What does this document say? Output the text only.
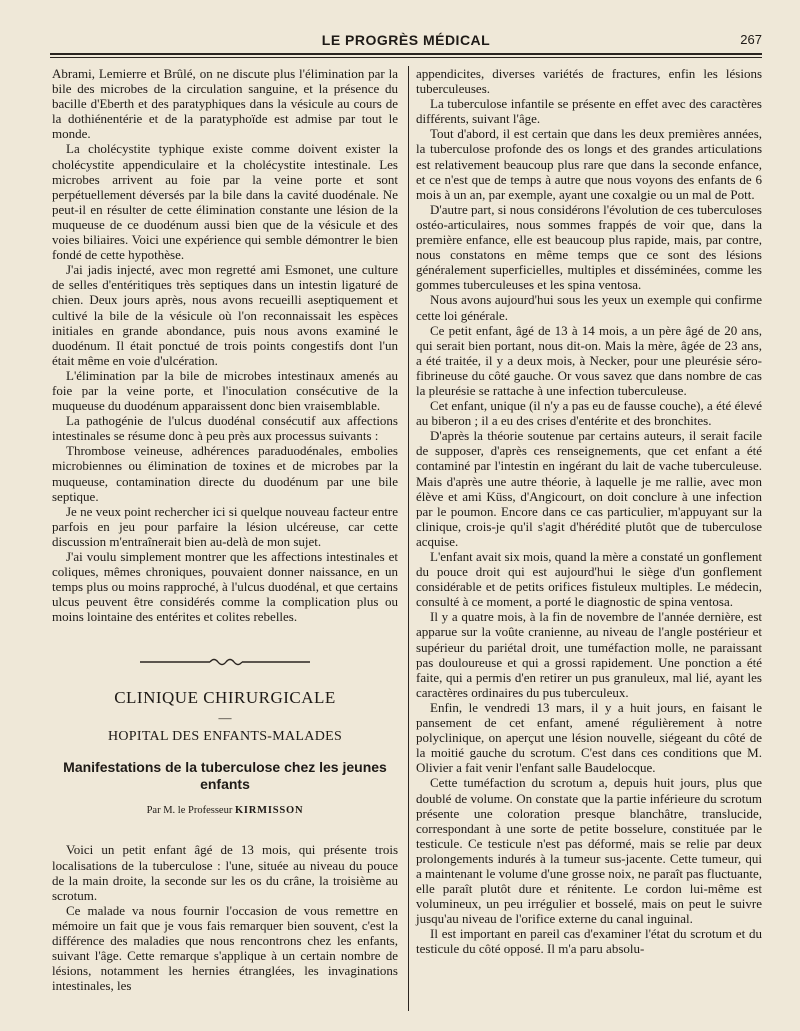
LE PROGRÈS MÉDICAL	267

Abrami, Lemierre et Brûlé, on ne discute plus l'élimination par la bile des microbes de la circulation sanguine, et la présence du bacille d'Eberth et des paratyphiques dans la vésicule au cours de la dothiénentérie et de la paratyphoïde est admise par tout le monde.

La cholécystite typhique existe comme doivent exister la cholécystite appendiculaire et la cholécystite intestinale. Les microbes arrivent au foie par la veine porte et sont perpétuellement déversés par la bile dans la cavité duodénale. Ne peut-il en résulter de cette élimination constante une lésion de la muqueuse de ce duodénum aussi bien que de la vésicule et des voies biliaires. Voici une expérience qui semble démontrer le bien fondé de cette hypothèse.

J'ai jadis injecté, avec mon regretté ami Esmonet, une culture de selles d'entéritiques très septiques dans un intestin ligaturé de chien. Deux jours après, nous avons recueilli aseptiquement et cultivé la bile de la vésicule où l'on reconnaissait les espèces initiales en grande abondance, puis nous avons examiné le duodénum. Il était ponctué de trois points congestifs dont l'un était même en voie d'ulcération.

L'élimination par la bile de microbes intestinaux amenés au foie par la veine porte, et l'inoculation consécutive de la muqueuse du duodénum apparaissent donc bien vraisemblable.

La pathogénie de l'ulcus duodénal consécutif aux affections intestinales se résume donc à peu près aux processus suivants :

Thrombose veineuse, adhérences paraduodénales, embolies microbiennes ou élimination de toxines et de microbes par la muqueuse, contamination directe du duodénum par une bile septique.

Je ne veux point rechercher ici si quelque nouveau facteur entre parfois en jeu pour parfaire la lésion ulcéreuse, car cette discussion m'entraînerait bien au-delà de mon sujet.

J'ai voulu simplement montrer que les affections intestinales et coliques, mêmes chroniques, pouvaient donner naissance, en un temps plus ou moins rapproché, à l'ulcus duodénal, et que certains ulcus peuvent être considérés comme la complication plus ou moins lointaine des entérites et colites rebelles.

CLINIQUE CHIRURGICALE
—
HOPITAL DES ENFANTS-MALADES
Manifestations de la tuberculose chez les jeunes enfants
Par M. le Professeur KIRMISSON

Voici un petit enfant âgé de 13 mois, qui présente trois localisations de la tuberculose : l'une, située au niveau du pouce de la main droite, la seconde sur les os du crâne, la troisième au scrotum.

Ce malade va nous fournir l'occasion de vous remettre en mémoire un fait que je vous fais remarquer bien souvent, c'est la différence des maladies que nous rencontrons chez les enfants, suivant l'âge. Cette remarque s'applique à un certain nombre de lésions, notamment les hernies étranglées, les invaginations intestinales, les

appendicites, diverses variétés de fractures, enfin les lésions tuberculeuses.

La tuberculose infantile se présente en effet avec des caractères différents, suivant l'âge.

Tout d'abord, il est certain que dans les deux premières années, la tuberculose profonde des os longs et des grandes articulations est relativement beaucoup plus rare que dans la seconde enfance, et ce n'est que de temps à autre que nous voyons des enfants de 6 mois à un an, par exemple, ayant une coxalgie ou un mal de Pott.

D'autre part, si nous considérons l'évolution de ces tuberculoses ostéo-articulaires, nous sommes frappés de voir que, dans la première enfance, elle est beaucoup plus rapide, mais, par contre, nous constatons en même temps que ce sont des lésions généralement superficielles, multiples et disséminées, comme les gommes tuberculeuses et les spina ventosa.

Nous avons aujourd'hui sous les yeux un exemple qui confirme cette loi générale.

Ce petit enfant, âgé de 13 à 14 mois, a un père âgé de 20 ans, qui serait bien portant, nous dit-on. Mais la mère, âgée de 23 ans, a été traitée, il y a deux mois, à Necker, pour une pleurésie séro-fibrineuse du côté gauche. Or vous savez que dans nombre de cas la pleurésie se rattache à une infection tuberculeuse.

Cet enfant, unique (il n'y a pas eu de fausse couche), a été élevé au biberon ; il a eu des crises d'entérite et des bronchites.

D'après la théorie soutenue par certains auteurs, il serait facile de supposer, d'après ces renseignements, que cet enfant a été contaminé par l'intestin en ingérant du lait de vache tuberculeuse. Mais d'après une autre théorie, à laquelle je me rallie, avec mon élève et ami Küss, d'Angicourt, on doit conclure à une infection par le poumon. Encore dans ce cas particulier, m'appuyant sur la clinique, crois-je qu'il s'agit d'hérédité plutôt que de tuberculose acquise.

L'enfant avait six mois, quand la mère a constaté un gonflement du pouce droit qui est aujourd'hui le siège d'un gonflement considérable et de petits orifices fistuleux multiples. Le médecin, consulté à ce moment, a porté le diagnostic de spina ventosa.

Il y a quatre mois, à la fin de novembre de l'année dernière, est apparue sur la voûte cranienne, au niveau de l'angle postérieur et supérieur du pariétal droit, une tuméfaction molle, ne paraissant pas douloureuse et qui a grossi rapidement. Une ponction a été faite, qui a permis d'en retirer un pus granuleux, mal lié, ayant les caractères ordinaires du pus tuberculeux.

Enfin, le vendredi 13 mars, il y a huit jours, en faisant le pansement de cet enfant, amené régulièrement à notre polyclinique, on aperçut une lésion nouvelle, siégeant du côté de la moitié gauche du scrotum. C'est dans ces conditions que M. Olivier a fait venir l'enfant salle Baudelocque.

Cette tuméfaction du scrotum a, depuis huit jours, plus que doublé de volume. On constate que la partie inférieure du scrotum présente une coloration presque blanchâtre, translucide, correspondant à une sorte de petite bosselure, constituée par le testicule. Ce testicule n'est pas déformé, mais se relie par deux prolongements indurés à la tumeur sus-jacente. Cette tumeur, qui a maintenant le volume d'une grosse noix, ne paraît pas fluctuante, elle paraît plutôt dure et rénitente. Le cordon lui-même est volumineux, un peu irrégulier et bosselé, mais on peut le suivre jusqu'au niveau de l'orifice externe du canal inguinal.

Il est important en pareil cas d'examiner l'état du scrotum et du testicule du côté opposé. Il m'a paru absolu-
